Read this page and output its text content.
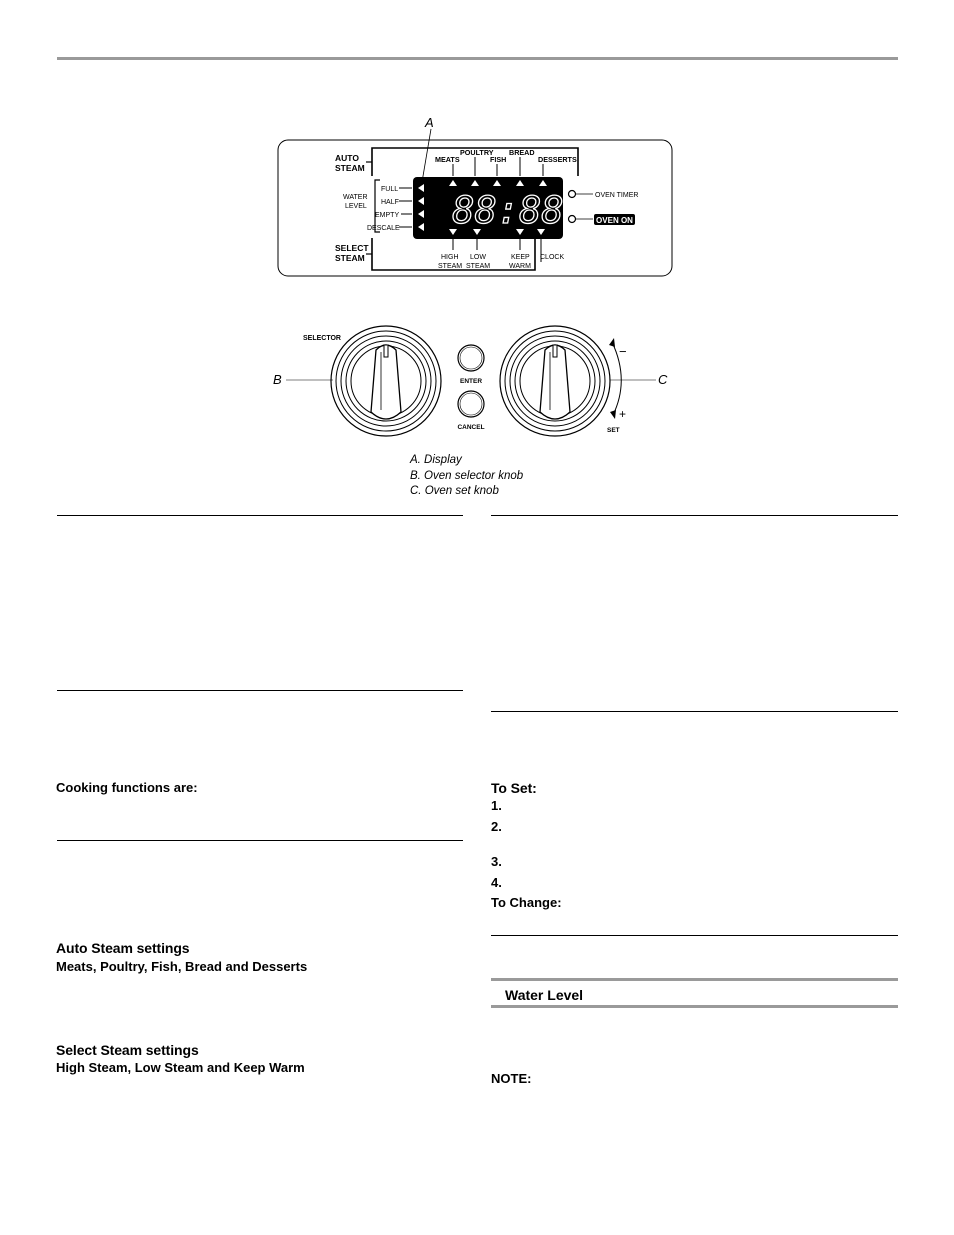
A
AUTO
STEAM
MEATS
POULTRY
FISH
BREAD
DESSERTS
SELECT
STEAM	HIGH
STEAM
LOW
STEAM
KEEP
WARM
CLOCK
WATER
LEVEL
FULL
HALF
EMPTY
DESCALE 88:88	OVEN TIMER
OVEN ON
B
SELECTOR
ENTER
CANCEL
−
+
SET
C
A. Display
B. Oven selector knob
C. Oven set knob
Cooking functions are:
Auto Steam settings
Meats, Poultry, Fish, Bread and Desserts
Select Steam settings
High Steam, Low Steam and Keep Warm
To Set:
1.
2.
3.
4.
To Change:
Water Level
NOTE:
